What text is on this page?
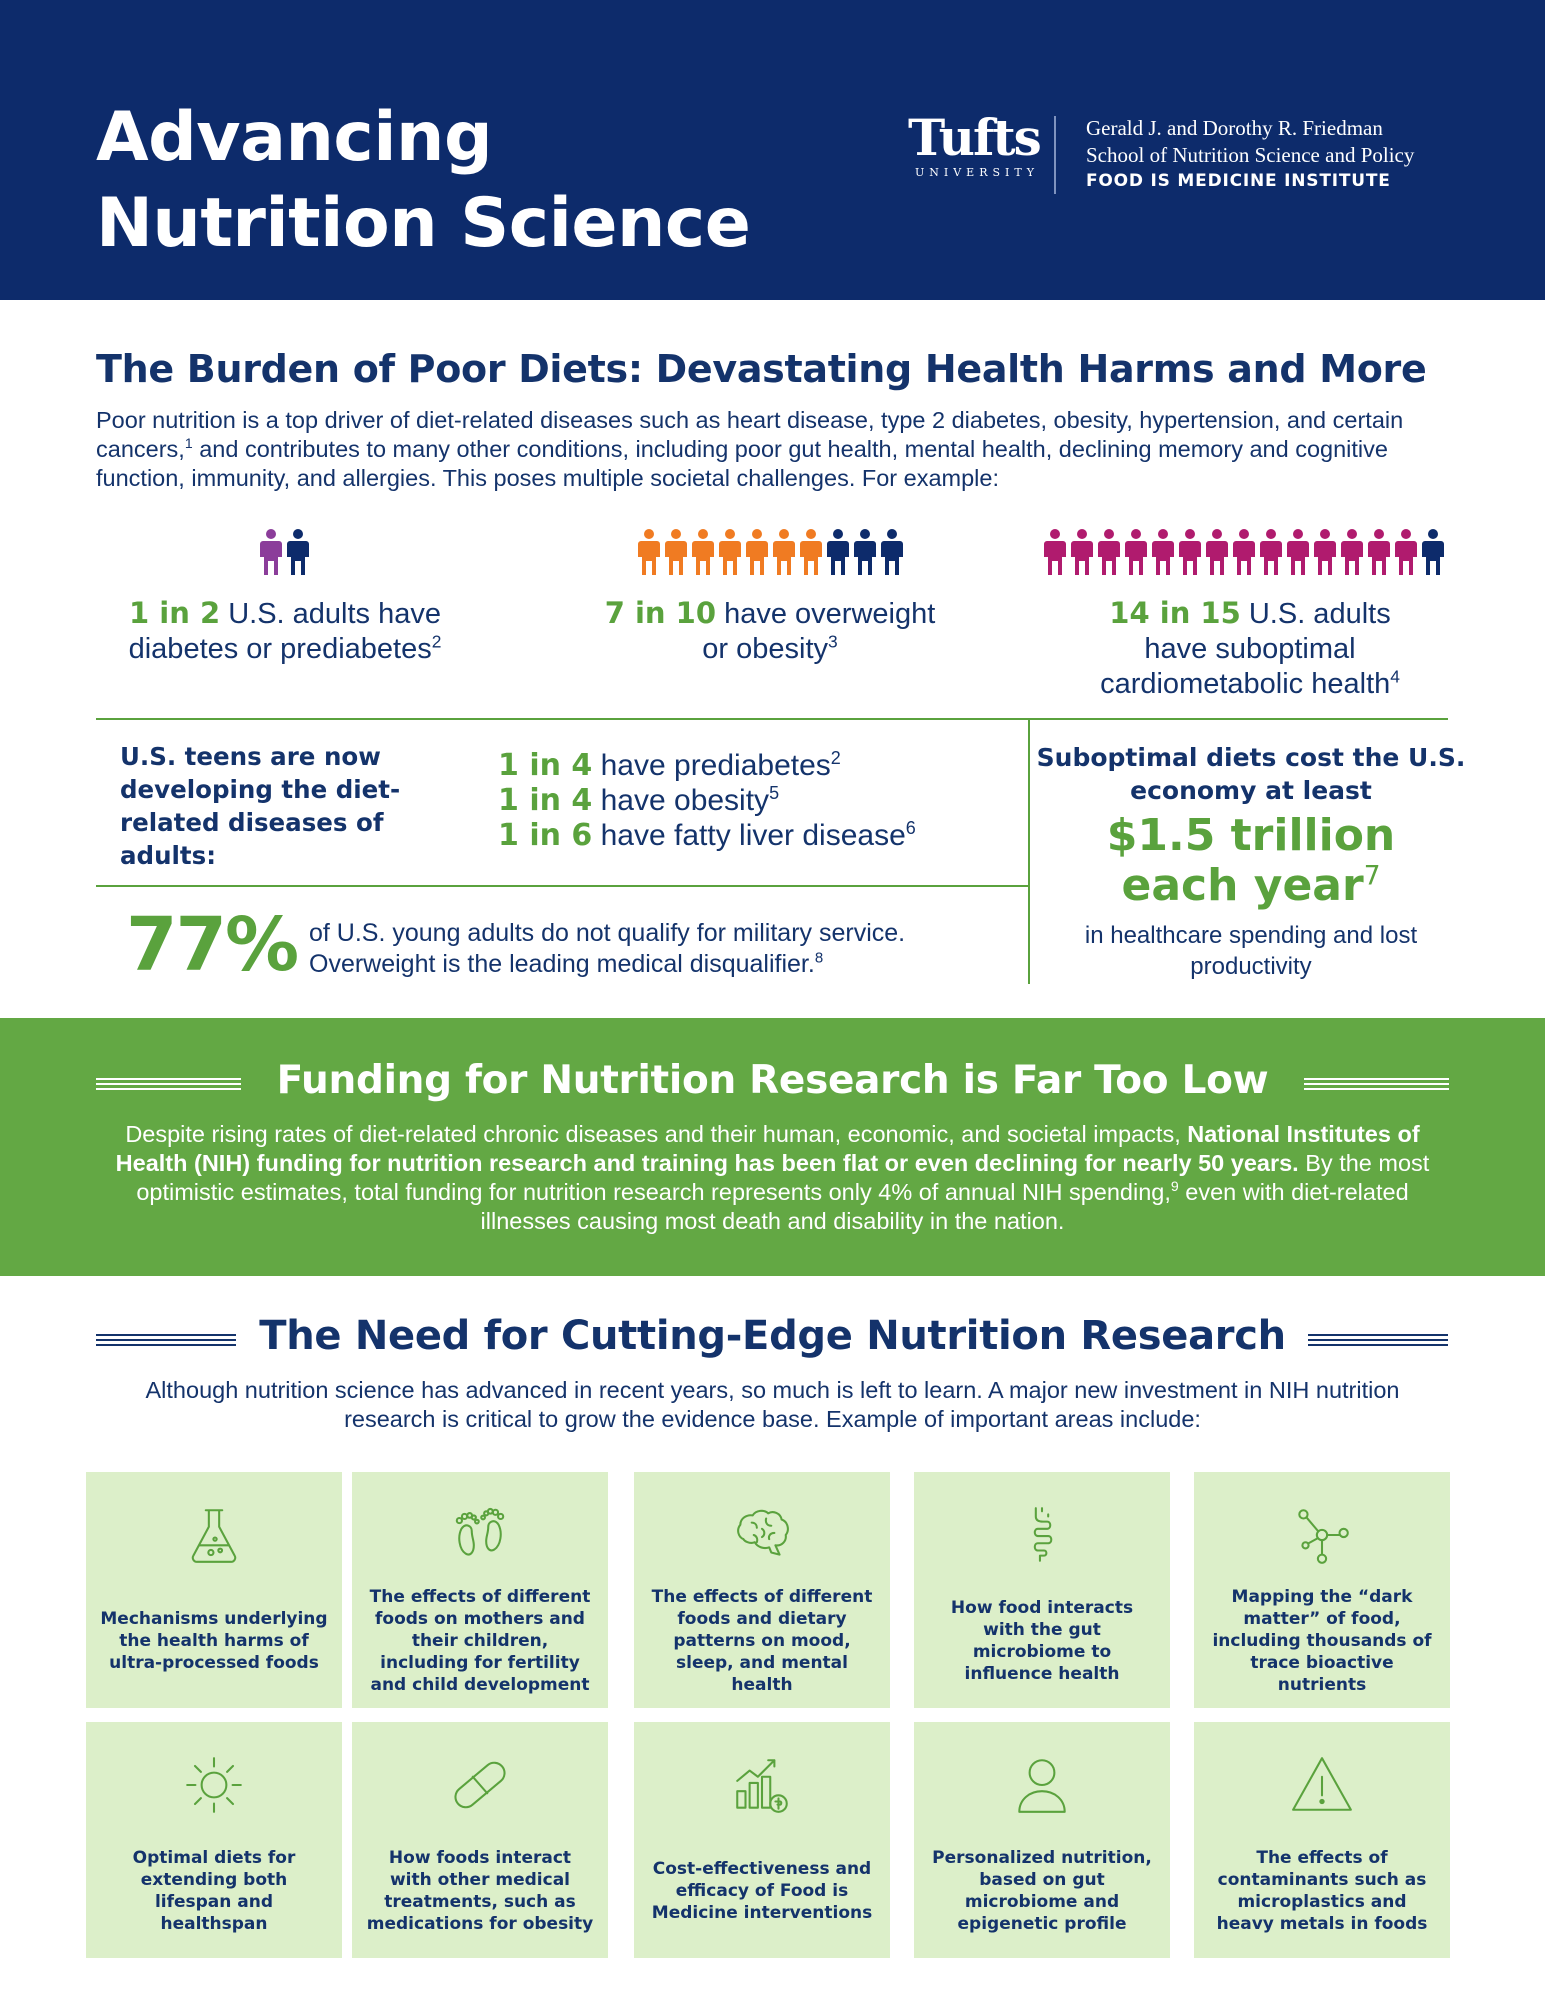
Advancing
Nutrition Science
Tufts
UNIVERSITY
Gerald J. and Dorothy R. Friedman
School of Nutrition Science and Policy
FOOD IS MEDICINE INSTITUTE
The Burden of Poor Diets: Devastating Health Harms and More

Poor nutrition is a top driver of diet-related diseases such as heart disease, type 2 diabetes, obesity, hypertension, and certain cancers,$^1$ and contributes to many other conditions, including poor gut health, mental health, declining memory and cognitive function, immunity, and allergies. This poses multiple societal challenges. For example:

1 in 2 U.S. adults have
diabetes or prediabetes$^2$
7 in 10 have overweight
or obesity$^3$
14 in 15 U.S. adults
have suboptimal
cardiometabolic health$^4$
U.S. teens are now developing the diet-related diseases of adults:
1 in 4 have prediabetes$^2$
1 in 4 have obesity$^5$
1 in 6 have fatty liver disease$^6$
77% of U.S. young adults do not qualify for military service.
Overweight is the leading medical disqualifier.$^8$
Suboptimal diets cost the U.S. economy at least
$1.5 trillion
each year$^7$
in healthcare spending and lost productivity
Funding for Nutrition Research is Far Too Low

Despite rising rates of diet-related chronic diseases and their human, economic, and societal impacts, National Institutes of Health (NIH) funding for nutrition research and training has been flat or even declining for nearly 50 years. By the most optimistic estimates, total funding for nutrition research represents only 4% of annual NIH spending,$^9$ even with diet-related illnesses causing most death and disability in the nation.

The Need for Cutting-Edge Nutrition Research

Although nutrition science has advanced in recent years, so much is left to learn. A major new investment in NIH nutrition research is critical to grow the evidence base. Example of important areas include:

Mechanisms underlying the health harms of ultra-processed foods
The effects of different foods on mothers and their children, including for fertility and child development
The effects of different foods and dietary patterns on mood, sleep, and mental health
How food interacts with the gut microbiome to influence health
Mapping the “dark matter” of food, including thousands of trace bioactive nutrients
Optimal diets for extending both lifespan and healthspan
How foods interact with other medical treatments, such as medications for obesity
Cost-effectiveness and efficacy of Food is Medicine interventions
Personalized nutrition, based on gut microbiome and epigenetic profile
The effects of contaminants such as microplastics and heavy metals in foods
